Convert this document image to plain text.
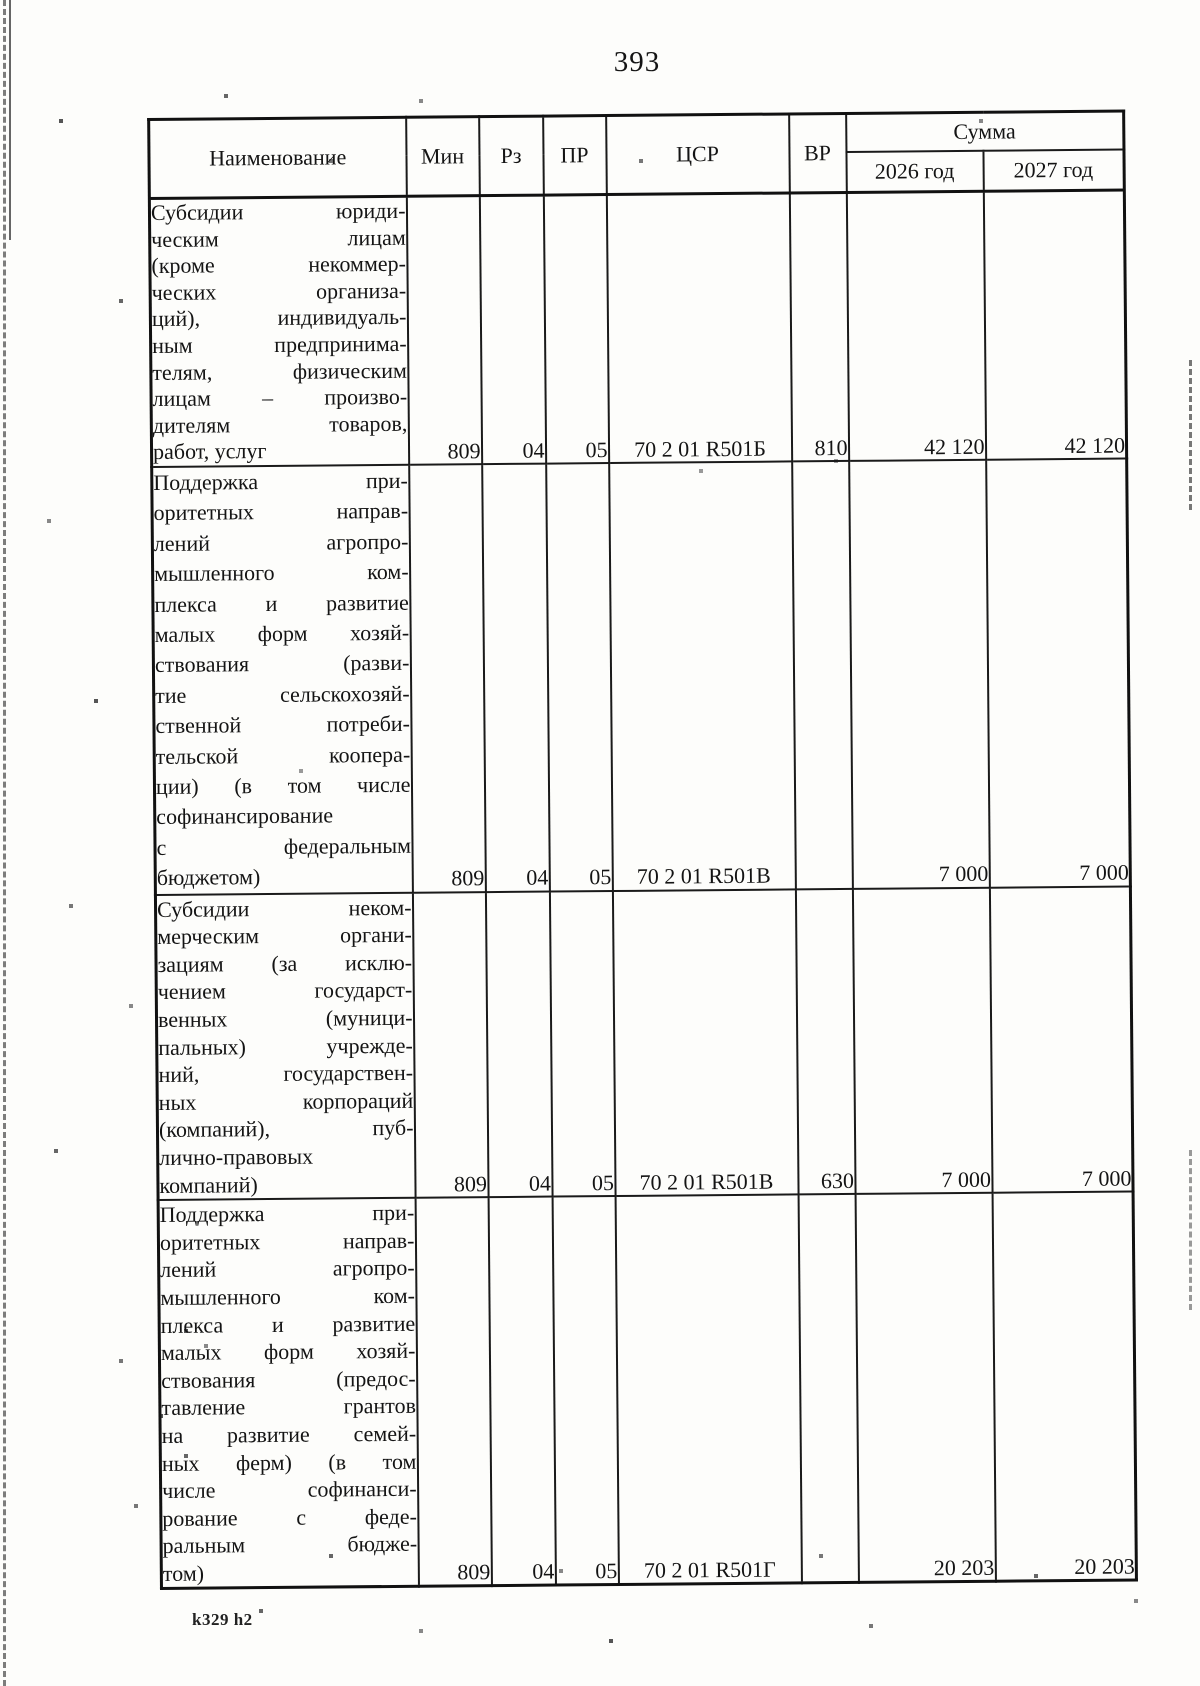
393
Наименование	Мин	Рз	ПР	ЦСР	ВР	Сумма	
						2026 год	2027 год

Субсидии юриди-
ческим лицам
(кроме некоммер-
ческих организа-
ций), индивидуаль-
ным предпринима-
телям, физическим
лицам – произво-
дителям товаров,
работ, услуг	809	04	05	70 2 01 R501Б	810	42 120	42 120

Поддержка при-
оритетных направ-
лений агропро-
мышленного ком-
плекса и развитие
малых форм хозяй-
ствования (разви-
тие сельскохозяй-
ственной потреби-
тельской коопера-
ции) (в том числе
софинансирование
с федеральным
бюджетом)	809	04	05	70 2 01 R501В		7 000	7 000

Субсидии неком-
мерческим органи-
зациям (за исклю-
чением государст-
венных (муници-
пальных) учрежде-
ний, государствен-
ных корпораций
(компаний), пуб-
лично-правовых
компаний)	809	04	05	70 2 01 R501В	630	7 000	7 000

Поддержка при-
оритетных направ-
лений агропро-
мышленного ком-
плекса и развитие
малых форм хозяй-
ствования (предос-
тавление грантов
на развитие семей-
ных ферм) (в том
числе софинанси-
рование с феде-
ральным бюдже-
том)	809	04	05	70 2 01 R501Г		20 203	20 203
k329 h2
